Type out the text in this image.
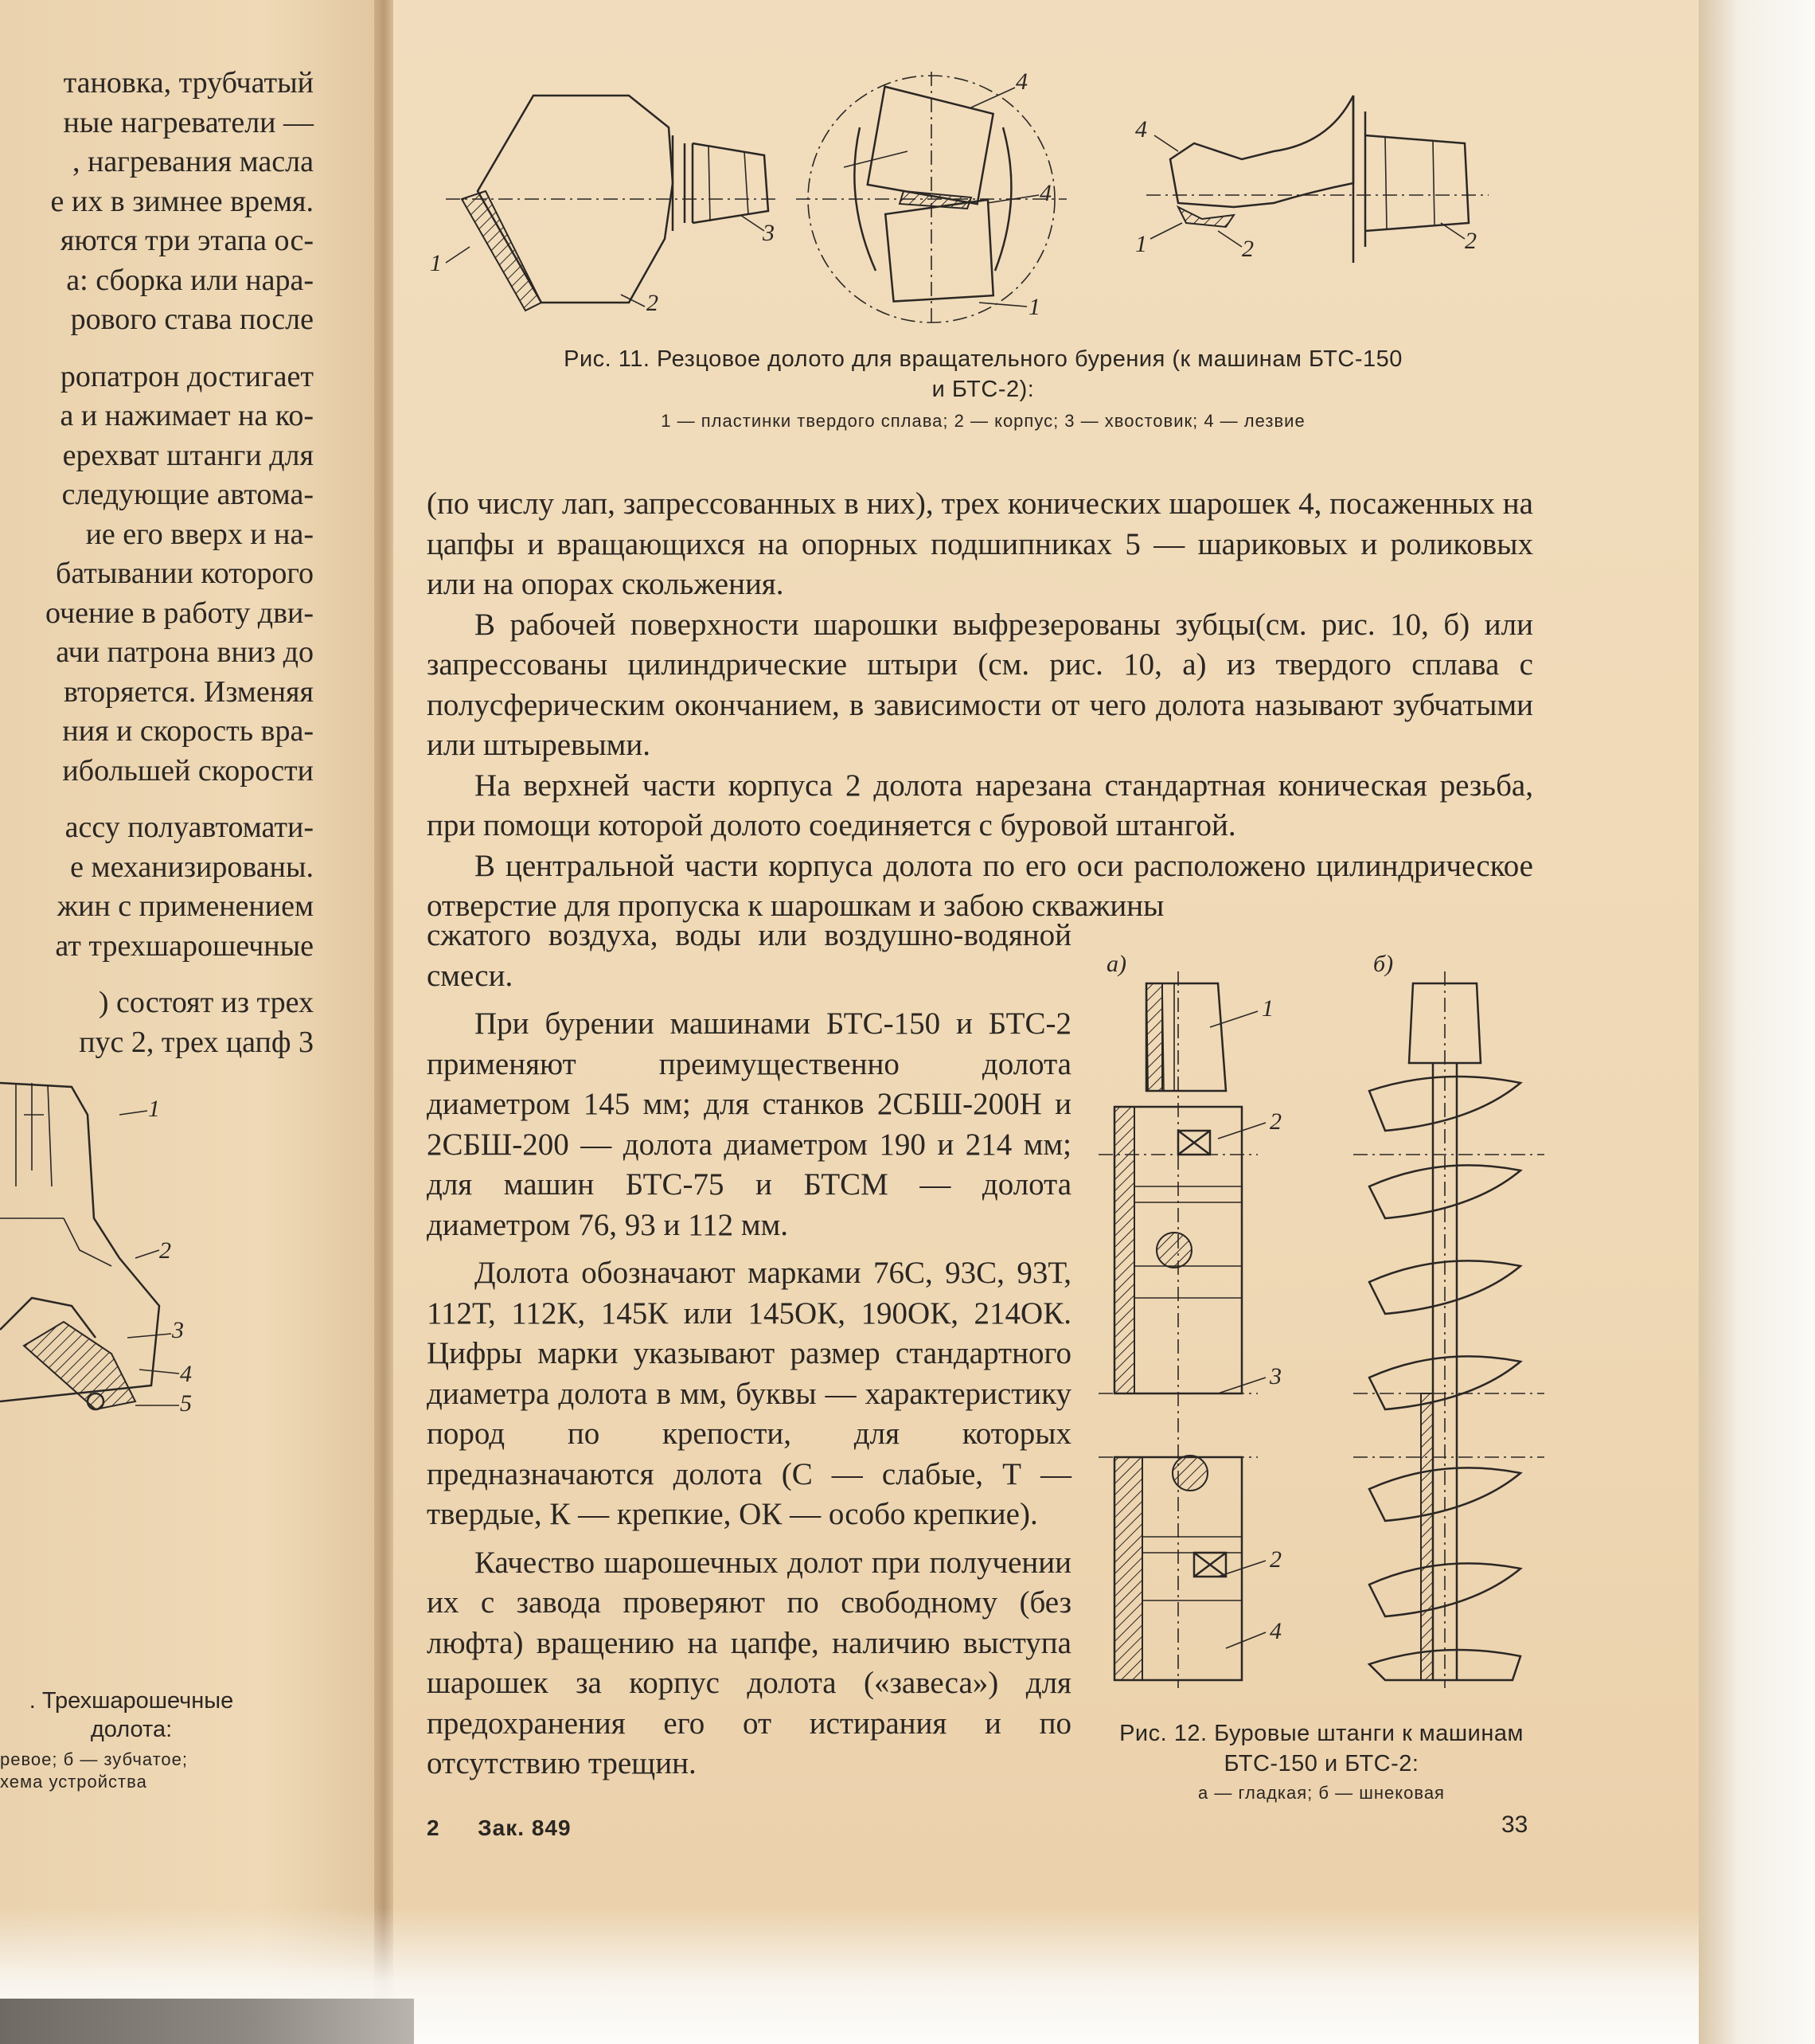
тановка, трубчатый
ные нагреватели —
, нагревания масла
е их в зимнее время.
яются три этапа ос-
а: сборка или нара-
рового става после
ропатрон достигает
а и нажимает на ко-
ерехват штанги для
следующие автома-
ие его вверх и на-
батывании которого
очение в работу дви-
ачи патрона вниз до
вторяется. Изменяя
ния и скорость вра-
ибольшей скорости
ассу полуавтомати-
е механизированы.
жин с применением
ат трехшарошечные
) состоят из трех
пус 2, трех цапф 3
1
2
3
4
5
. Трехшарошечные
долота:
ревое; б — зубчатое;
хема устройства
1
2
3
4
4
1
4
1	2	2
Рис. 11. Резцовое долото для вращательного бурения (к машинам БТС-150
и БТС-2):
1 — пластинки твердого сплава; 2 — корпус; 3 — хвостовик; 4 — лезвие

(по числу лап, запрессованных в них), трех конических шарошек 4, посаженных на цапфы и вращающихся на опорных подшипниках 5 — шариковых и роликовых или на опорах скольжения.

В рабочей поверхности шарошки выфрезерованы зубцы(см. рис. 10, б) или запрессованы цилиндрические штыри (см. рис. 10, а) из твердого сплава с полусферическим окончанием, в зависимости от чего долота называют зубчатыми или штыревыми.

На верхней части корпуса 2 долота нарезана стандартная коническая резьба, при помощи которой долото соединяется с буровой штангой.

В центральной части корпуса долота по его оси расположено цилиндрическое отверстие для пропуска к шарошкам и забою скважины

сжатого воздуха, воды или воздушно-водяной смеси.

При бурении машинами БТС-150 и БТС-2 применяют преимущественно долота диаметром 145 мм; для станков 2СБШ-200Н и 2СБШ-200 — долота диаметром 190 и 214 мм; для машин БТС-75 и БТСМ — долота диаметром 76, 93 и 112 мм.

Долота обозначают марками 76С, 93С, 93Т, 112Т, 112К, 145К или 145ОК, 190ОК, 214ОК. Цифры марки указывают размер стандартного диаметра долота в мм, буквы — характеристику пород по крепости, для которых предназначаются долота (С — слабые, Т — твердые, К — крепкие, ОК — особо крепкие).

Качество шарошечных долот при получении их с завода проверяют по свободному (без люфта) вращению на цапфе, наличию выступа шарошек за корпус долота («завеса») для предохранения его от истирания и по отсутствию трещин.

а)	б)
1
2
3
2
4
Рис. 12. Буровые штанги к машинам БТС-150 и БТС-2:
а — гладкая; б — шнековая
2 Зак. 849	33
